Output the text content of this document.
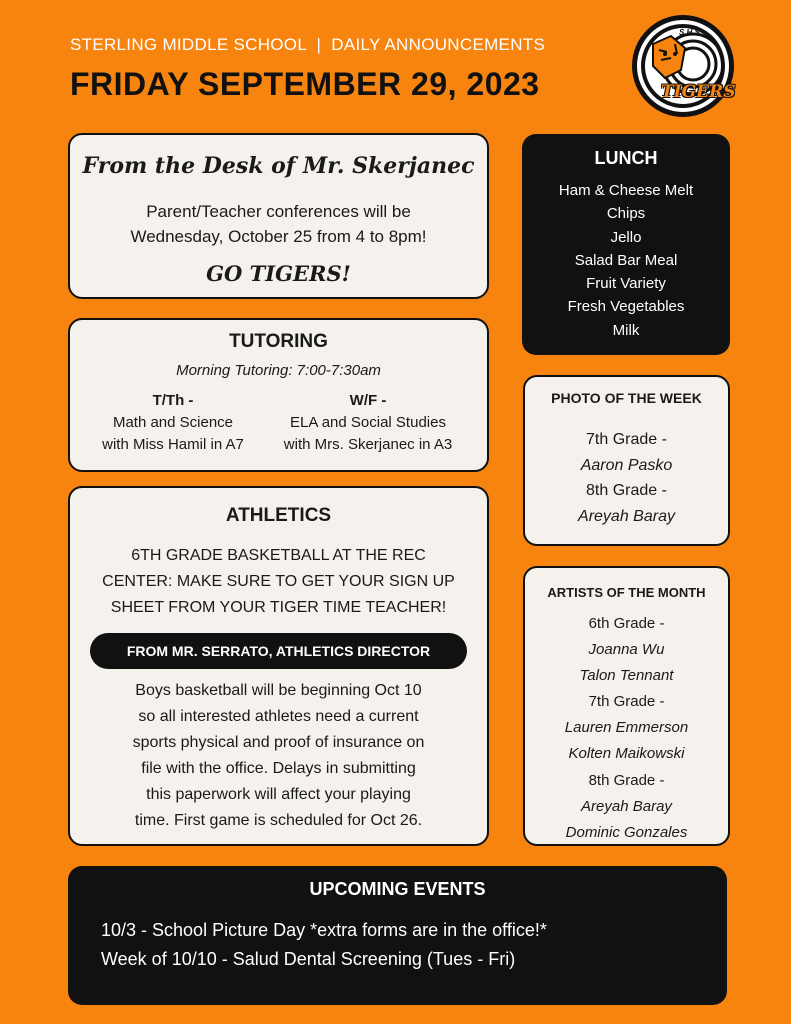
STERLING MIDDLE SCHOOL  |  DAILY ANNOUNCEMENTS
FRIDAY SEPTEMBER 29, 2023
S H S
TIGERS
From the Desk of Mr. Skerjanec
Parent/Teacher conferences will be
Wednesday, October 25 from 4 to 8pm!
GO TIGERS!
TUTORING
Morning Tutoring: 7:00-7:30am
T/Th -
Math and Science
with Miss Hamil in A7
W/F -
ELA and Social Studies
with Mrs. Skerjanec in A3
ATHLETICS
6TH GRADE BASKETBALL AT THE REC
CENTER: MAKE SURE TO GET YOUR SIGN UP
SHEET FROM YOUR TIGER TIME TEACHER!
FROM MR. SERRATO, ATHLETICS DIRECTOR
Boys basketball will be beginning Oct 10
so all interested athletes need a current
sports physical and proof of insurance on
file with the office. Delays in submitting
this paperwork will affect your playing
time. First game is scheduled for Oct 26.
LUNCH
Ham & Cheese Melt
Chips
Jello
Salad Bar Meal
Fruit Variety
Fresh Vegetables
Milk
PHOTO OF THE WEEK
7th Grade -
Aaron Pasko
8th Grade -
Areyah Baray
ARTISTS OF THE MONTH
6th Grade -
Joanna Wu
Talon Tennant
7th Grade -
Lauren Emmerson
Kolten Maikowski
8th Grade -
Areyah Baray
Dominic Gonzales
UPCOMING EVENTS
10/3 - School Picture Day *extra forms are in the office!*
Week of 10/10 - Salud Dental Screening (Tues - Fri)
